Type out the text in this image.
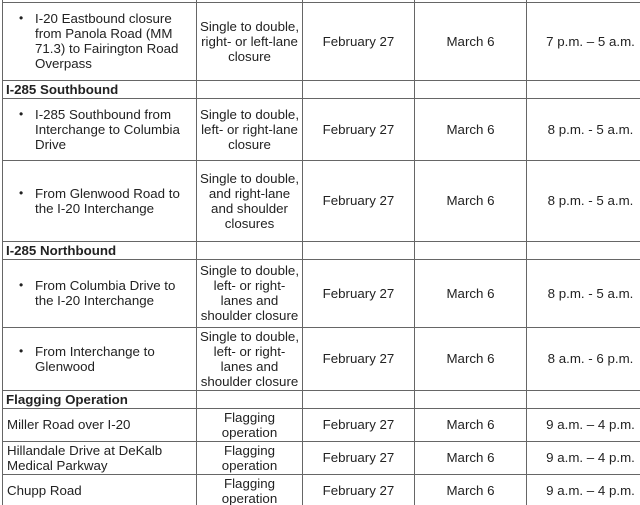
• I-20 Eastbound closure from Panola Road (MM 71.3) to Fairington Road Overpass	Single to double, right- or left-lane closure	February 27	March 6	7 p.m. – 5 a.m.
I-285 Southbound				

• I-285 Southbound from Interchange to Columbia Drive	Single to double, left- or right-lane closure	February 27	March 6	8 p.m. - 5 a.m.

• From Glenwood Road to the I-20 Interchange	Single to double, and right-lane and shoulder closures	February 27	March 6	8 p.m. - 5 a.m.
I-285 Northbound				

• From Columbia Drive to the I-20 Interchange	Single to double, left- or right-lanes and shoulder closure	February 27	March 6	8 p.m. - 5 a.m.

• From Interchange to Glenwood	Single to double, left- or right-lanes and shoulder closure	February 27	March 6	8 a.m. - 6 p.m.
Flagging Operation				

Miller Road over I-20	Flagging operation	February 27	March 6	9 a.m. – 4 p.m.

Hillandale Drive at DeKalb Medical Parkway	Flagging operation	February 27	March 6	9 a.m. – 4 p.m.

Chupp Road	Flagging operation	February 27	March 6	9 a.m. – 4 p.m.
